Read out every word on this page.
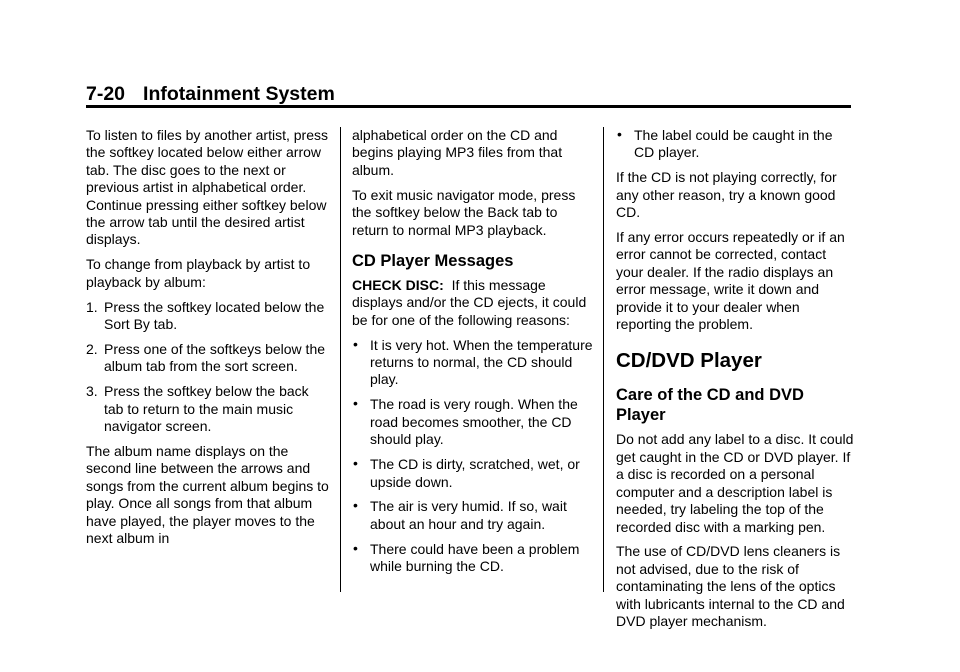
7-20 Infotainment System

To listen to files by another artist, press the softkey located below either arrow tab. The disc goes to the next or previous artist in alphabetical order. Continue pressing either softkey below the arrow tab until the desired artist displays.

To change from playback by artist to playback by album:

1. Press the softkey located below the Sort By tab.
2. Press one of the softkeys below the album tab from the sort screen.
3. Press the softkey below the back tab to return to the main music navigator screen.

The album name displays on the second line between the arrows and songs from the current album begins to play. Once all songs from that album have played, the player moves to the next album in

alphabetical order on the CD and begins playing MP3 files from that album.

To exit music navigator mode, press the softkey below the Back tab to return to normal MP3 playback.

CD Player Messages

CHECK DISC: If this message displays and/or the CD ejects, it could be for one of the following reasons:

• It is very hot. When the temperature returns to normal, the CD should play.
• The road is very rough. When the road becomes smoother, the CD should play.
• The CD is dirty, scratched, wet, or upside down.
• The air is very humid. If so, wait about an hour and try again.
• There could have been a problem while burning the CD.
• The label could be caught in the CD player.

If the CD is not playing correctly, for any other reason, try a known good CD.

If any error occurs repeatedly or if an error cannot be corrected, contact your dealer. If the radio displays an error message, write it down and provide it to your dealer when reporting the problem.

CD/DVD Player
Care of the CD and DVD Player

Do not add any label to a disc. It could get caught in the CD or DVD player. If a disc is recorded on a personal computer and a description label is needed, try labeling the top of the recorded disc with a marking pen.

The use of CD/DVD lens cleaners is not advised, due to the risk of contaminating the lens of the optics with lubricants internal to the CD and DVD player mechanism.
